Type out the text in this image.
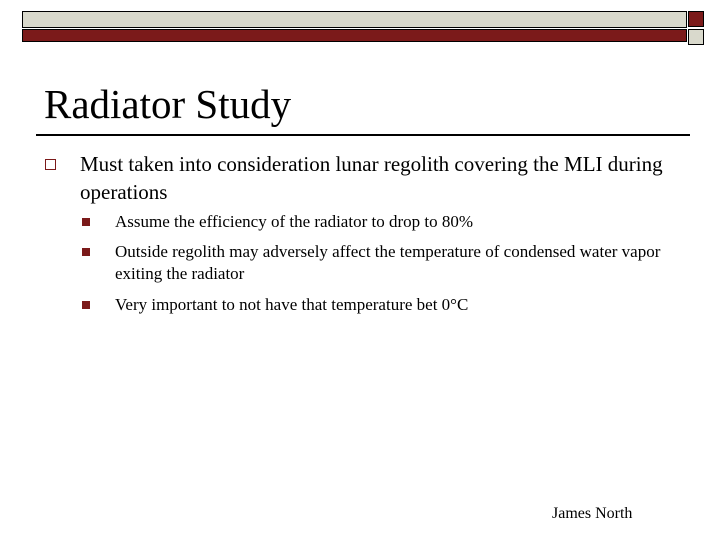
Radiator Study
Must taken into consideration lunar regolith covering the MLI during operations
Assume the efficiency of the radiator to drop to 80%
Outside regolith may adversely affect the temperature of condensed water vapor exiting the radiator
Very important to not have that temperature bet 0°C
James North
